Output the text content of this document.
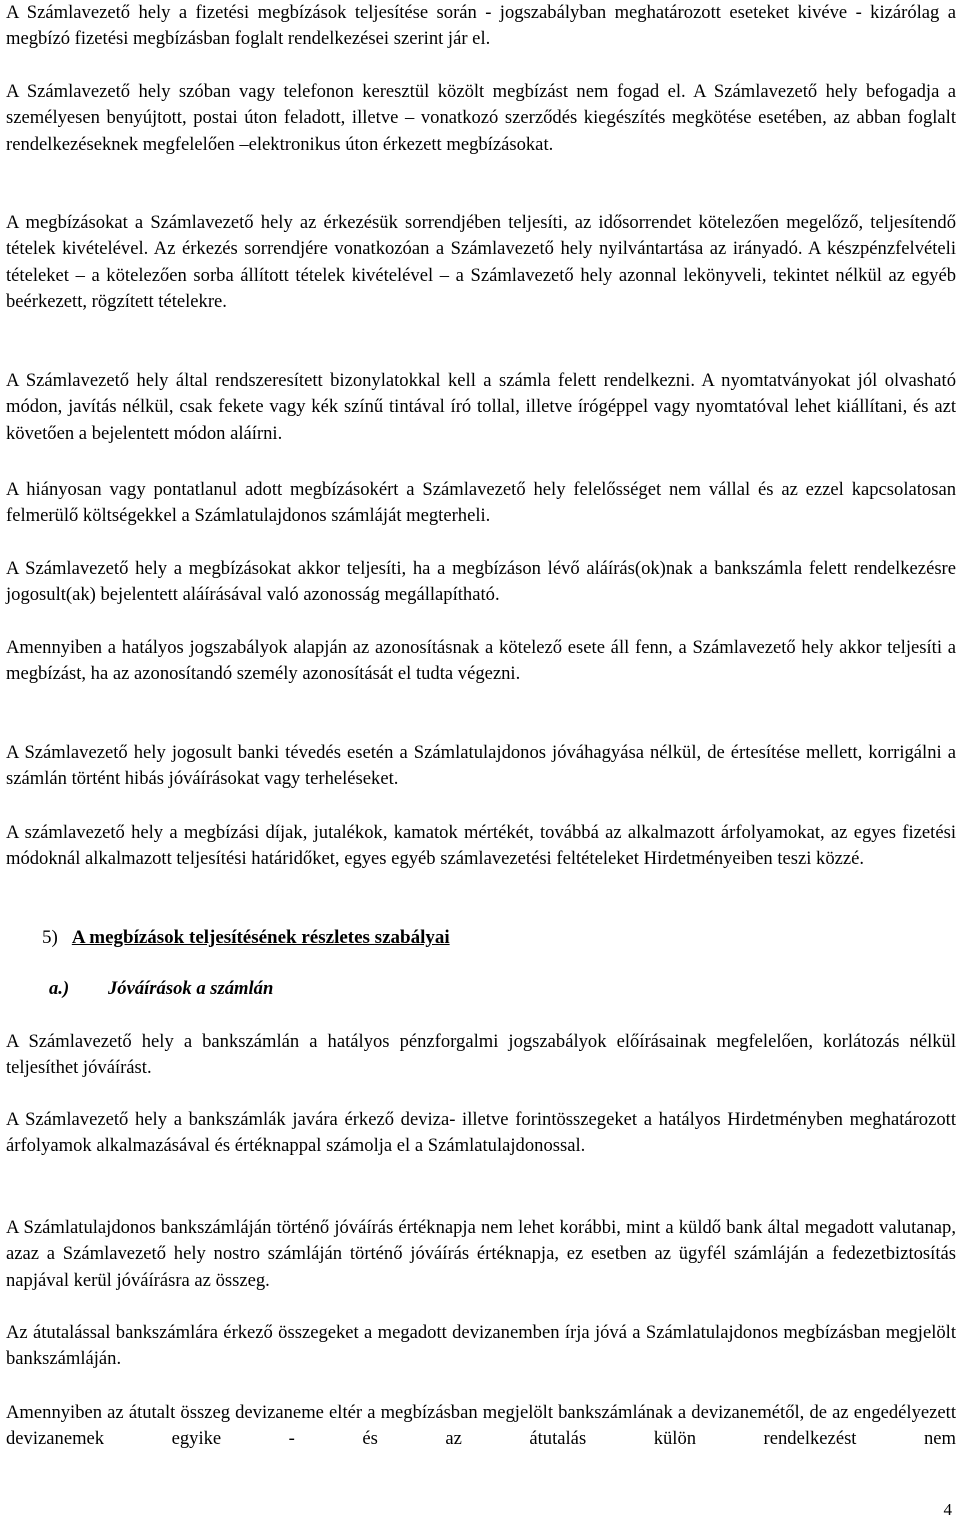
A Számlavezető hely a fizetési megbízások teljesítése során - jogszabályban meghatározott eseteket kivéve - kizárólag a megbízó fizetési megbízásban foglalt rendelkezései szerint jár el.

A Számlavezető hely szóban vagy telefonon keresztül közölt megbízást nem fogad el. A Számlavezető hely befogadja a személyesen benyújtott, postai úton feladott, illetve – vonatkozó szerződés kiegészítés megkötése esetében, az abban foglalt rendelkezéseknek megfelelően –elektronikus úton érkezett megbízásokat.

A megbízásokat a Számlavezető hely az érkezésük sorrendjében teljesíti, az idősorrendet kötelezően megelőző, teljesítendő tételek kivételével. Az érkezés sorrendjére vonatkozóan a Számlavezető hely nyilvántartása az irányadó. A készpénzfelvételi tételeket – a kötelezően sorba állított tételek kivételével – a Számlavezető hely azonnal lekönyveli, tekintet nélkül az egyéb beérkezett, rögzített tételekre.

A Számlavezető hely által rendszeresített bizonylatokkal kell a számla felett rendelkezni. A nyomtatványokat jól olvasható módon, javítás nélkül, csak fekete vagy kék színű tintával író tollal, illetve írógéppel vagy nyomtatóval lehet kiállítani, és azt követően a bejelentett módon aláírni.

A hiányosan vagy pontatlanul adott megbízásokért a Számlavezető hely felelősséget nem vállal és az ezzel kapcsolatosan felmerülő költségekkel a Számlatulajdonos számláját megterheli.

A Számlavezető hely a megbízásokat akkor teljesíti, ha a megbízáson lévő aláírás(ok)nak a bankszámla felett rendelkezésre jogosult(ak) bejelentett aláírásával való azonosság megállapítható.

Amennyiben a hatályos jogszabályok alapján az azonosításnak a kötelező esete áll fenn, a Számlavezető hely akkor teljesíti a megbízást, ha az azonosítandó személy azonosítását el tudta végezni.

A Számlavezető hely jogosult banki tévedés esetén a Számlatulajdonos jóváhagyása nélkül, de értesítése mellett, korrigálni a számlán történt hibás jóváírásokat vagy terheléseket.

A számlavezető hely a megbízási díjak, jutalékok, kamatok mértékét, továbbá az alkalmazott árfolyamokat, az egyes fizetési módoknál alkalmazott teljesítési határidőket, egyes egyéb számlavezetési feltételeket Hirdetményeiben teszi közzé.

5) A megbízások teljesítésének részletes szabályai
a.) Jóváírások a számlán

A Számlavezető hely a bankszámlán a hatályos pénzforgalmi jogszabályok előírásainak megfelelően, korlátozás nélkül teljesíthet jóváírást.

A Számlavezető hely a bankszámlák javára érkező deviza- illetve forintösszegeket a hatályos Hirdetményben meghatározott árfolyamok alkalmazásával és értéknappal számolja el a Számlatulajdonossal.

A Számlatulajdonos bankszámláján történő jóváírás értéknapja nem lehet korábbi, mint a küldő bank által megadott valutanap, azaz a Számlavezető hely nostro számláján történő jóváírás értéknapja, ez esetben az ügyfél számláján a fedezetbiztosítás napjával kerül jóváírásra az összeg.

Az átutalással bankszámlára érkező összegeket a megadott devizanemben írja jóvá a Számlatulajdonos megbízásban megjelölt bankszámláján.

Amennyiben az átutalt összeg devizaneme eltér a megbízásban megjelölt bankszámlának a devizanemétől, de az engedélyezett devizanemek egyike - és az átutalás külön rendelkezést nem

4
